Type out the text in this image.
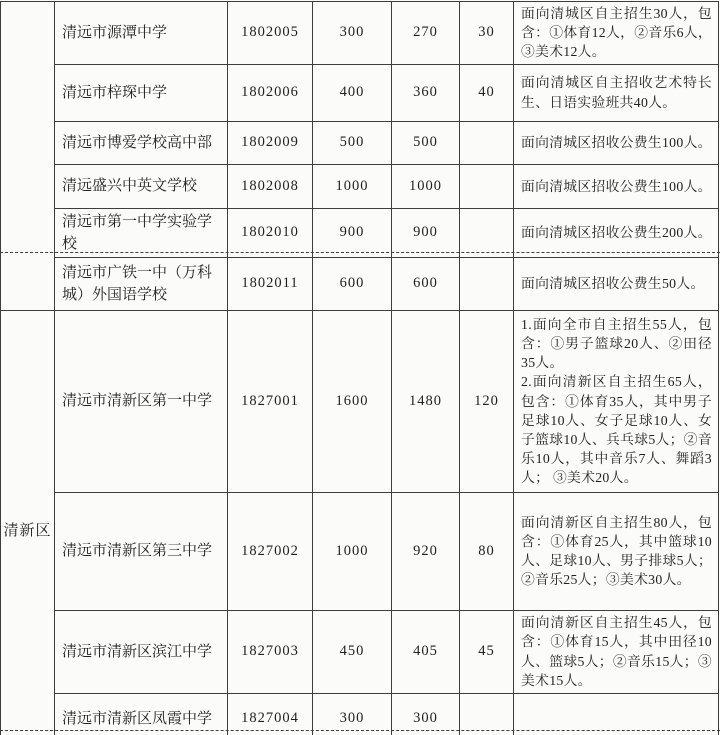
	清远市源潭中学	1802005	300	270	30	面向清城区自主招生30人，包含：①体育12人，②音乐6人，③美术12人。

	清远市梓琛中学	1802006	400	360	40	面向清城区自主招收艺术特长生、日语实验班共40人。

	清远市博爱学校高中部	1802009	500	500		面向清城区招收公费生100人。

	清远盛兴中英文学校	1802008	1000	1000		面向清城区招收公费生100人。

	清远市第一中学实验学校	1802010	900	900		面向清城区招收公费生200人。

	清远市广铁一中（万科城）外国语学校	1802011	600	600		面向清城区招收公费生50人。

清新区	清远市清新区第一中学	1827001	1600	1480	120	1.面向全市自主招生55人，包含：①男子篮球20人、②田径35人。
2.面向清新区自主招生65人，包含：①体育35人，其中男子足球10人、女子足球10人、女子篮球10人、兵乓球5人；②音乐10人，其中音乐7人、舞蹈3人； ③美术20人。

	清远市清新区第三中学	1827002	1000	920	80	面向清新区自主招生80人，包含：①体育25人，其中篮球10人、足球10人、男子排球5人；②音乐25人；③美术30人。

	清远市清新区滨江中学	1827003	450	405	45	面向清新区自主招生45人，包含：①体育15人，其中田径10人、篮球5人；②音乐15人；③美术15人。

	清远市清新区凤霞中学	1827004	300	300		
